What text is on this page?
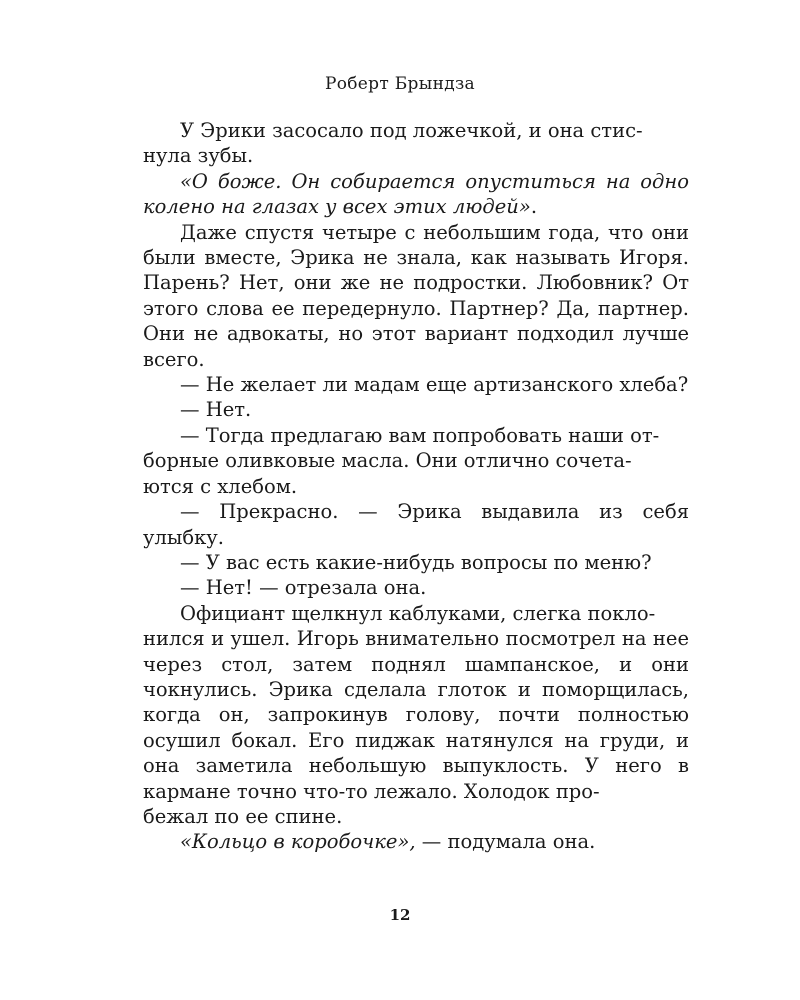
Роберт Брындза

У Эрики засосало под ложечкой, и она стис-
нула зубы.

«О боже. Он собирается опуститься на одно колено на глазах у всех этих людей».

Даже спустя четыре с небольшим года, что они были вместе, Эрика не знала, как называть Игоря. Парень? Нет, они же не подростки. Любовник? От этого слова ее передернуло. Партнер? Да, партнер. Они не адвокаты, но этот вариант подходил лучше всего.

— Не желает ли мадам еще артизанского хлеба?

— Нет.

— Тогда предлагаю вам попробовать наши от-
борные оливковые масла. Они отлично сочета-
ются с хлебом.

— Прекрасно. — Эрика выдавила из себя улыбку.

— У вас есть какие-нибудь вопросы по меню?

— Нет! — отрезала она.

Официант щелкнул каблуками, слегка покло-
нился и ушел. Игорь внимательно посмотрел на нее через стол, затем поднял шампанское, и они чокнулись. Эрика сделала глоток и поморщилась, когда он, запрокинув голову, почти полностью осушил бокал. Его пиджак натянулся на груди, и она заметила небольшую выпуклость. У него в кармане точно что-то лежало. Холодок про-
бежал по ее спине.

«Кольцо в коробочке», — подумала она.

12
